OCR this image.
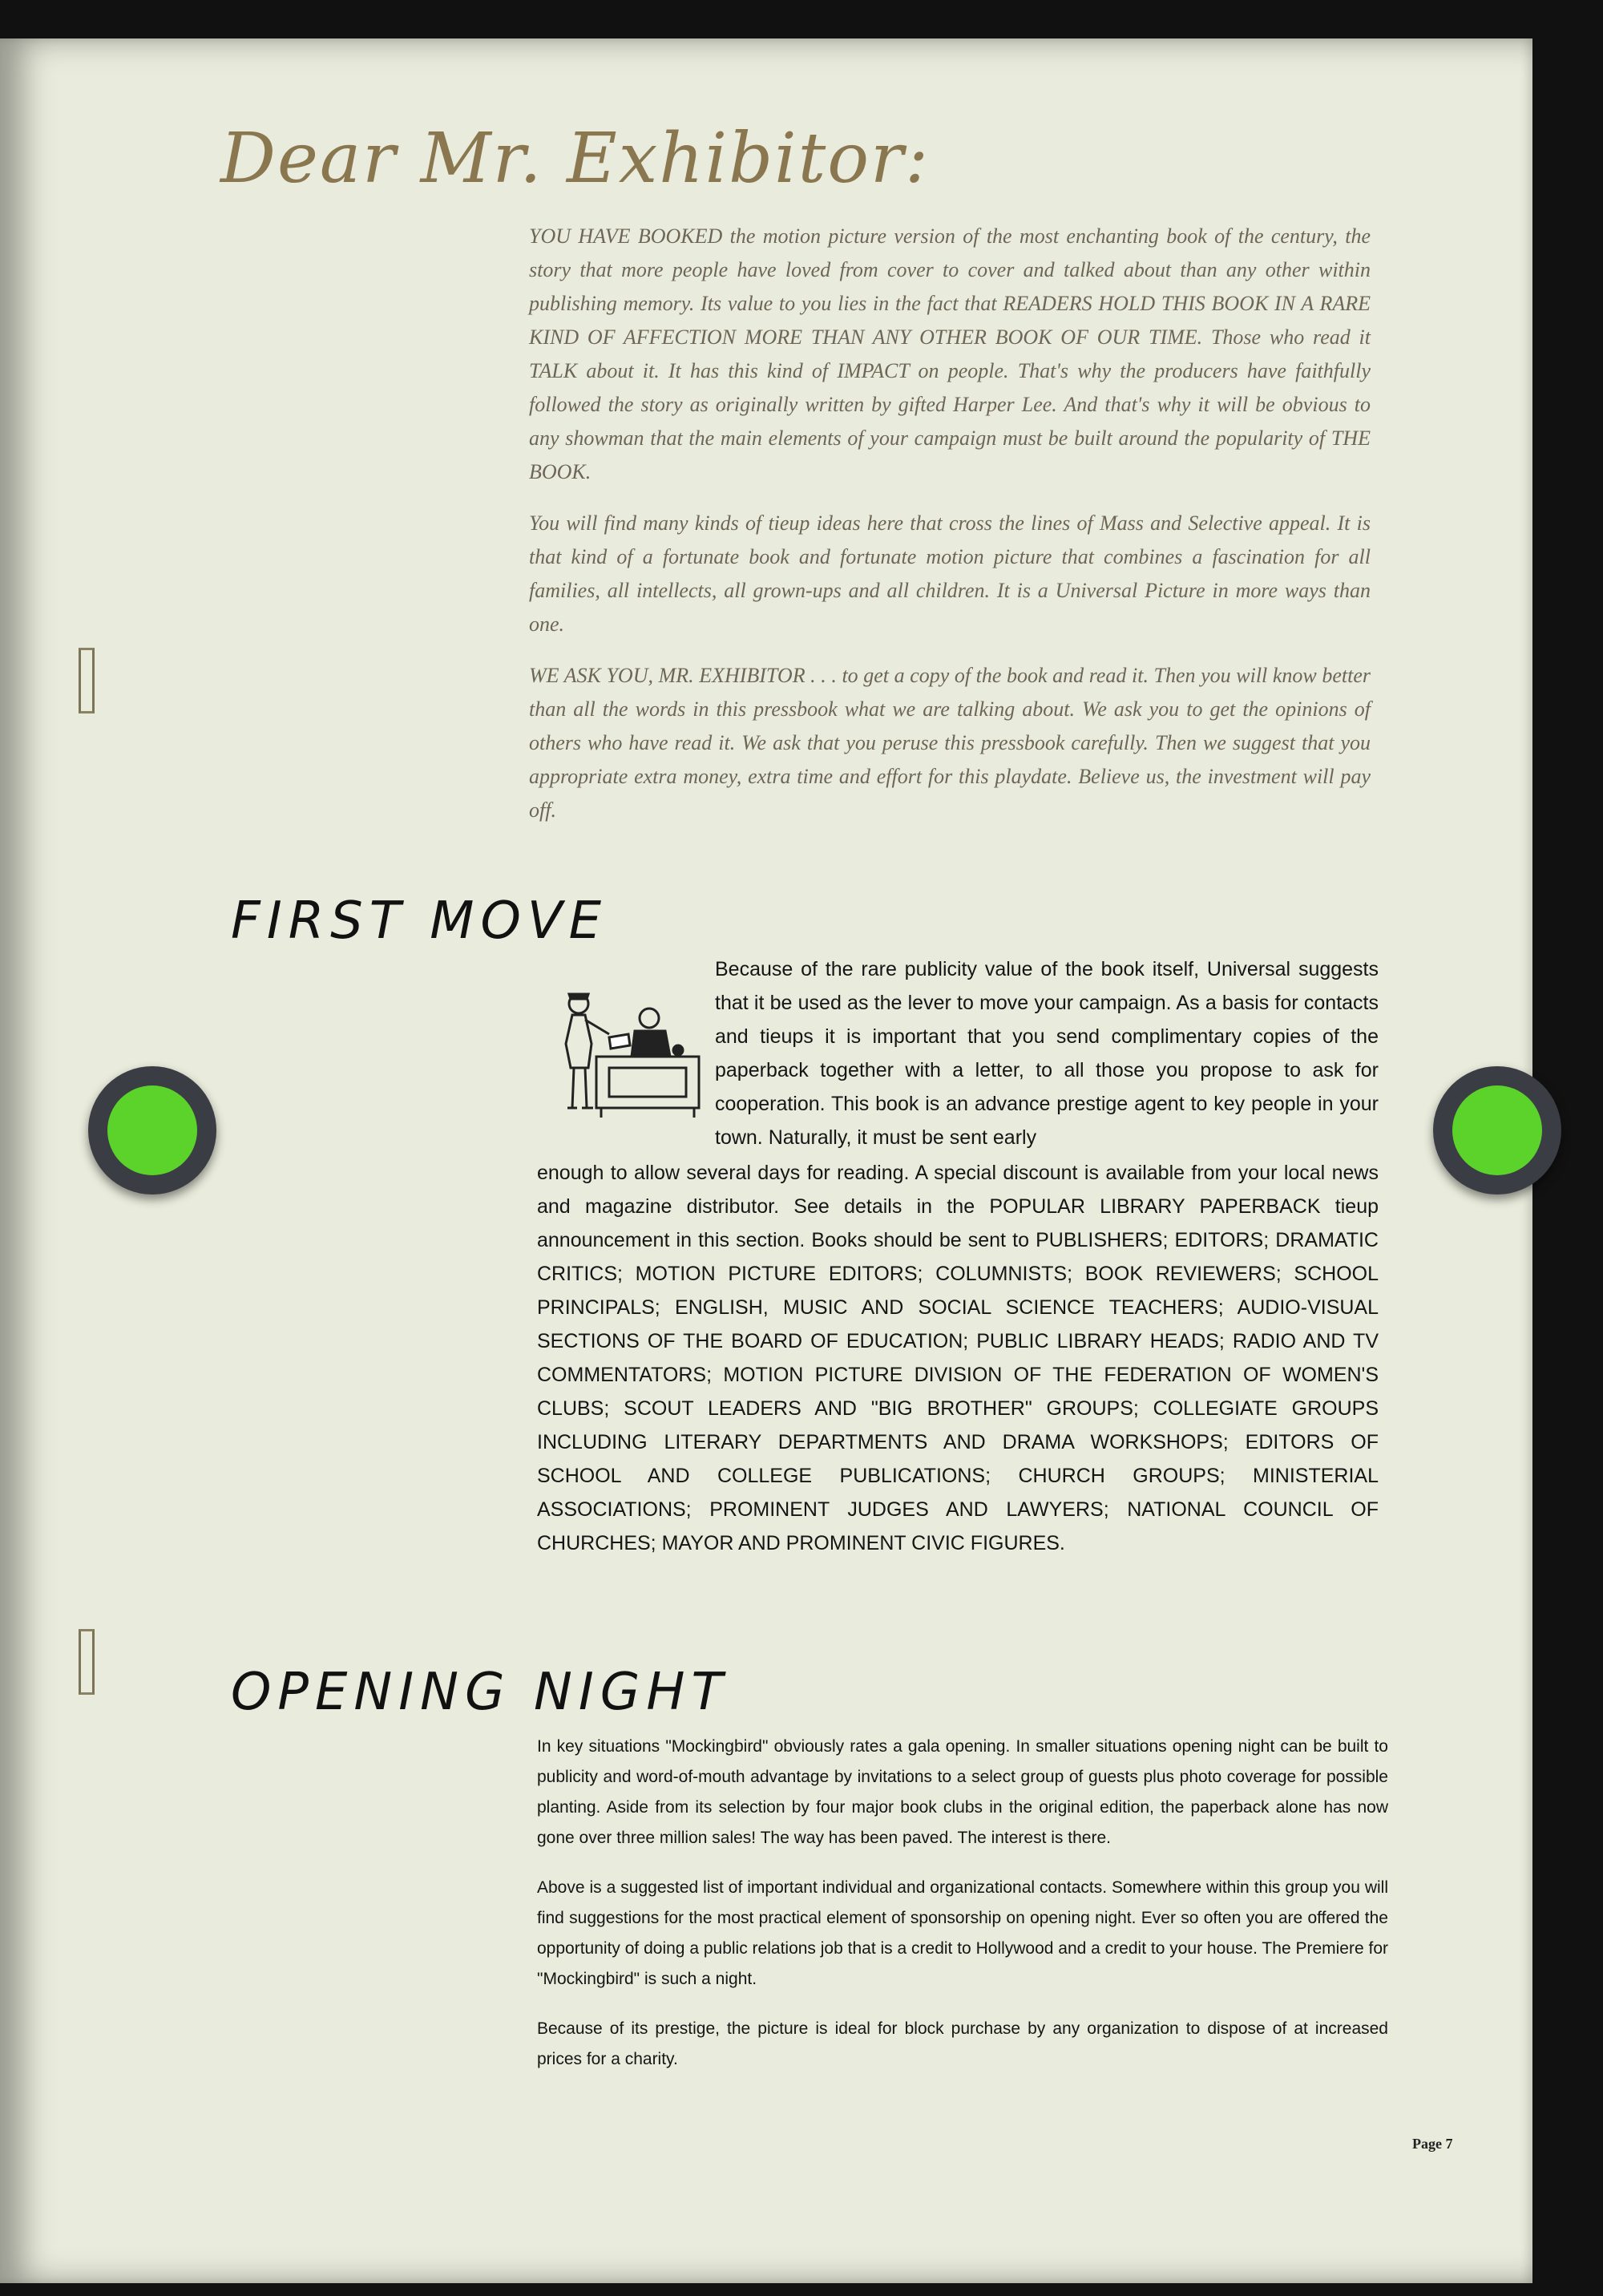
Dear Mr. Exhibitor:

YOU HAVE BOOKED the motion picture version of the most enchanting book of the century, the story that more people have loved from cover to cover and talked about than any other within publishing memory. Its value to you lies in the fact that READERS HOLD THIS BOOK IN A RARE KIND OF AFFECTION MORE THAN ANY OTHER BOOK OF OUR TIME. Those who read it TALK about it. It has this kind of IMPACT on people. That's why the producers have faithfully followed the story as originally written by gifted Harper Lee. And that's why it will be obvious to any showman that the main elements of your campaign must be built around the popularity of THE BOOK.

You will find many kinds of tieup ideas here that cross the lines of Mass and Selective appeal. It is that kind of a fortunate book and fortunate motion picture that combines a fascination for all families, all intellects, all grown-ups and all children. It is a Universal Picture in more ways than one.

WE ASK YOU, MR. EXHIBITOR . . . to get a copy of the book and read it. Then you will know better than all the words in this pressbook what we are talking about. We ask you to get the opinions of others who have read it. We ask that you peruse this pressbook carefully. Then we suggest that you appropriate extra money, extra time and effort for this playdate. Believe us, the investment will pay off.

FIRST MOVE
Because of the rare publicity value of the book itself, Universal suggests that it be used as the lever to move your campaign. As a basis for contacts and tieups it is important that you send complimentary copies of the paperback together with a letter, to all those you propose to ask for cooperation. This book is an advance prestige agent to key people in your town. Naturally, it must be sent early
enough to allow several days for reading. A special discount is available from your local news and magazine distributor. See details in the POPULAR LIBRARY PAPERBACK tieup announcement in this section. Books should be sent to PUBLISHERS; EDITORS; DRAMATIC CRITICS; MOTION PICTURE EDITORS; COLUMNISTS; BOOK REVIEWERS; SCHOOL PRINCIPALS; ENGLISH, MUSIC AND SOCIAL SCIENCE TEACHERS; AUDIO-VISUAL SECTIONS OF THE BOARD OF EDUCATION; PUBLIC LIBRARY HEADS; RADIO AND TV COMMENTATORS; MOTION PICTURE DIVISION OF THE FEDERATION OF WOMEN'S CLUBS; SCOUT LEADERS AND "BIG BROTHER" GROUPS; COLLEGIATE GROUPS INCLUDING LITERARY DEPARTMENTS AND DRAMA WORKSHOPS; EDITORS OF SCHOOL AND COLLEGE PUBLICATIONS; CHURCH GROUPS; MINISTERIAL ASSOCIATIONS; PROMINENT JUDGES AND LAWYERS; NATIONAL COUNCIL OF CHURCHES; MAYOR AND PROMINENT CIVIC FIGURES.
OPENING NIGHT

In key situations "Mockingbird" obviously rates a gala opening. In smaller situations opening night can be built to publicity and word-of-mouth advantage by invitations to a select group of guests plus photo coverage for possible planting. Aside from its selection by four major book clubs in the original edition, the paperback alone has now gone over three million sales! The way has been paved. The interest is there.

Above is a suggested list of important individual and organizational contacts. Somewhere within this group you will find suggestions for the most practical element of sponsorship on opening night. Ever so often you are offered the opportunity of doing a public relations job that is a credit to Hollywood and a credit to your house. The Premiere for "Mockingbird" is such a night.

Because of its prestige, the picture is ideal for block purchase by any organization to dispose of at increased prices for a charity.

Page 7
